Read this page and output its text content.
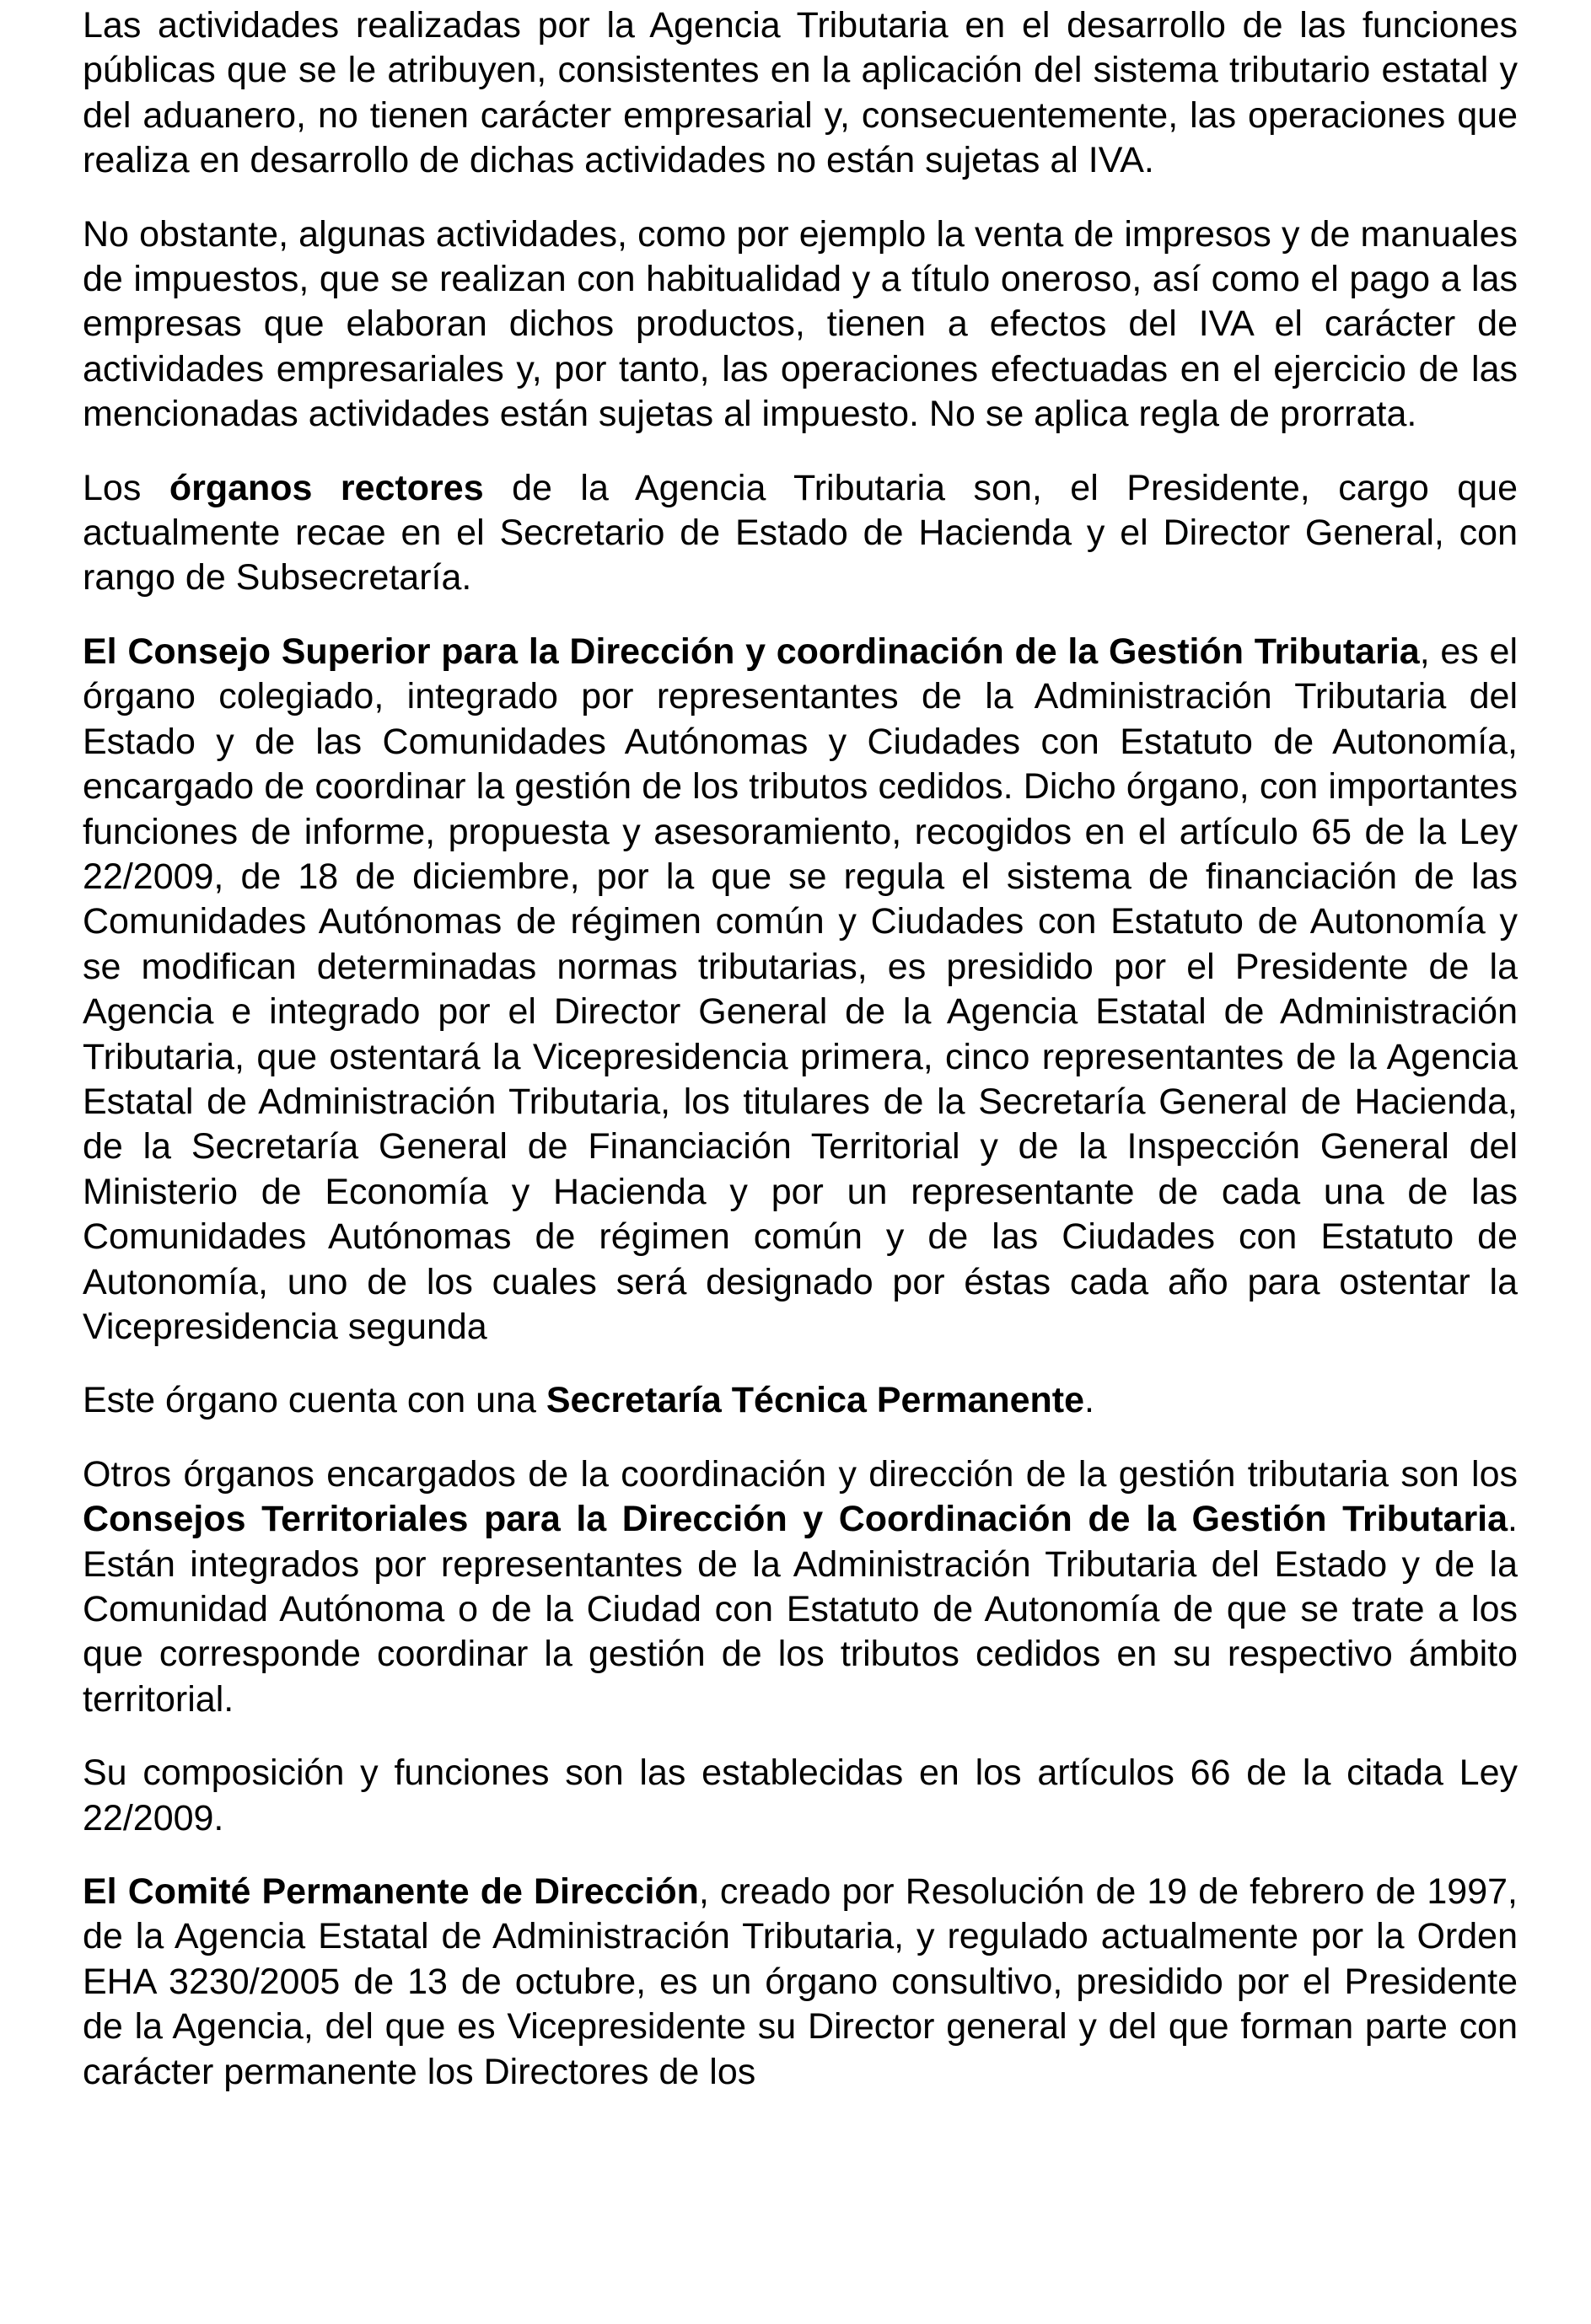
Las actividades realizadas por la Agencia Tributaria en el desarrollo de las funciones públicas que se le atribuyen, consistentes en la aplicación del sistema tributario estatal y del aduanero, no tienen carácter empresarial y, consecuentemente, las operaciones que realiza en desarrollo de dichas actividades no están sujetas al IVA.

No obstante, algunas actividades, como por ejemplo la venta de impresos y de manuales de impuestos, que se realizan con habitualidad y a título oneroso, así como el pago a las empresas que elaboran dichos productos, tienen a efectos del IVA el carácter de actividades empresariales y, por tanto, las operaciones efectuadas en el ejercicio de las mencionadas actividades están sujetas al impuesto. No se aplica regla de prorrata.

Los órganos rectores de la Agencia Tributaria son, el Presidente, cargo que actualmente recae en el Secretario de Estado de Hacienda y el Director General, con rango de Subsecretaría.

El Consejo Superior para la Dirección y coordinación de la Gestión Tributaria, es el órgano colegiado, integrado por representantes de la Administración Tributaria del Estado y de las Comunidades Autónomas y Ciudades con Estatuto de Autonomía, encargado de coordinar la gestión de los tributos cedidos. Dicho órgano, con importantes funciones de informe, propuesta y asesoramiento, recogidos en el artículo 65 de la Ley 22/2009, de 18 de diciembre, por la que se regula el sistema de financiación de las Comunidades Autónomas de régimen común y Ciudades con Estatuto de Autonomía y se modifican determinadas normas tributarias, es presidido por el Presidente de la Agencia e integrado por el Director General de la Agencia Estatal de Administración Tributaria, que ostentará la Vicepresidencia primera, cinco representantes de la Agencia Estatal de Administración Tributaria, los titulares de la Secretaría General de Hacienda, de la Secretaría General de Financiación Territorial y de la Inspección General del Ministerio de Economía y Hacienda y por un representante de cada una de las Comunidades Autónomas de régimen común y de las Ciudades con Estatuto de Autonomía, uno de los cuales será designado por éstas cada año para ostentar la Vicepresidencia segunda

Este órgano cuenta con una Secretaría Técnica Permanente.

Otros órganos encargados de la coordinación y dirección de la gestión tributaria son los Consejos Territoriales para la Dirección y Coordinación de la Gestión Tributaria. Están integrados por representantes de la Administración Tributaria del Estado y de la Comunidad Autónoma o de la Ciudad con Estatuto de Autonomía de que se trate a los que corresponde coordinar la gestión de los tributos cedidos en su respectivo ámbito territorial.

Su composición y funciones son las establecidas en los artículos 66 de la citada Ley 22/2009.

El Comité Permanente de Dirección, creado por Resolución de 19 de febrero de 1997, de la Agencia Estatal de Administración Tributaria, y regulado actualmente por la Orden EHA 3230/2005 de 13 de octubre, es un órgano consultivo, presidido por el Presidente de la Agencia, del que es Vicepresidente su Director general y del que forman parte con carácter permanente los Directores de los
